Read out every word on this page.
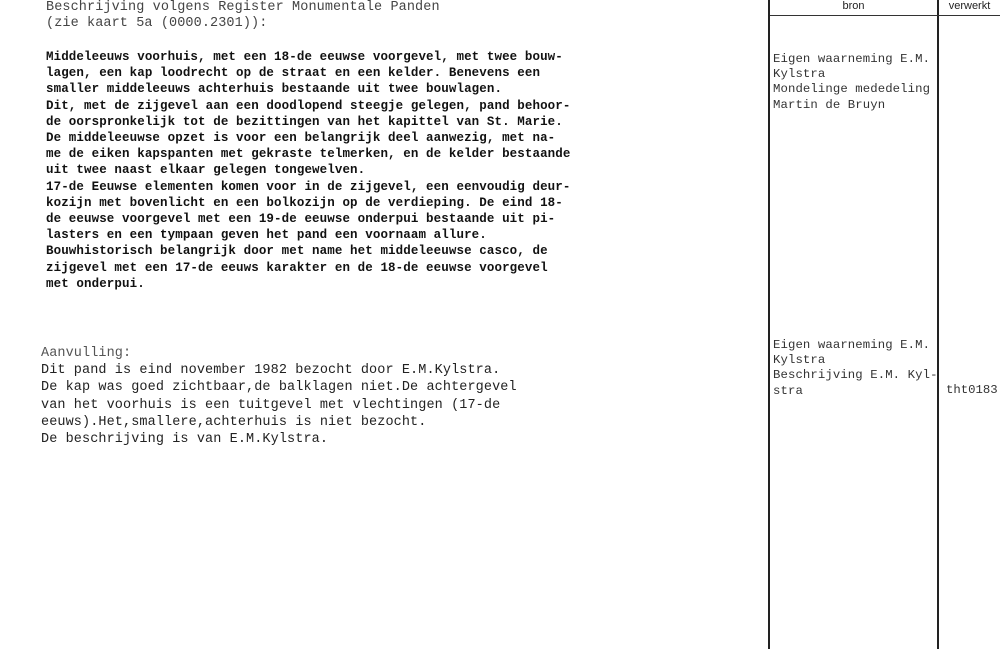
bron	verwerkt
Beschrijving volgens Register Monumentale Panden
(zie kaart 5a (0000.2301)):
Middeleeuws voorhuis, met een 18-de eeuwse voorgevel, met twee bouw-
lagen, een kap loodrecht op de straat en een kelder. Benevens een
smaller middeleeuws achterhuis bestaande uit twee bouwlagen.
Dit, met de zijgevel aan een doodlopend steegje gelegen, pand behoor-
de oorspronkelijk tot de bezittingen van het kapittel van St. Marie.
De middeleeuwse opzet is voor een belangrijk deel aanwezig, met na-
me de eiken kapspanten met gekraste telmerken, en de kelder bestaande
uit twee naast elkaar gelegen tongewelven.
17-de Eeuwse elementen komen voor in de zijgevel, een eenvoudig deur-
kozijn met bovenlicht en een bolkozijn op de verdieping. De eind 18-
de eeuwse voorgevel met een 19-de eeuwse onderpui bestaande uit pi-
lasters en een tympaan geven het pand een voornaam allure.
Bouwhistorisch belangrijk door met name het middeleeuwse casco, de
zijgevel met een 17-de eeuws karakter en de 18-de eeuwse voorgevel
met onderpui.
Eigen waarneming E.M.
Kylstra
Mondelinge mededeling
Martin de Bruyn
Aanvulling:
Dit pand is eind november 1982 bezocht door E.M.Kylstra.
De kap was goed zichtbaar,de balklagen niet.De achtergevel
van het voorhuis is een tuitgevel met vlechtingen (17-de
eeuws).Het,smallere,achterhuis is niet bezocht.
De beschrijving is van E.M.Kylstra.
Eigen waarneming E.M.
Kylstra
Beschrijving E.M. Kyl-
stra	tht0183
